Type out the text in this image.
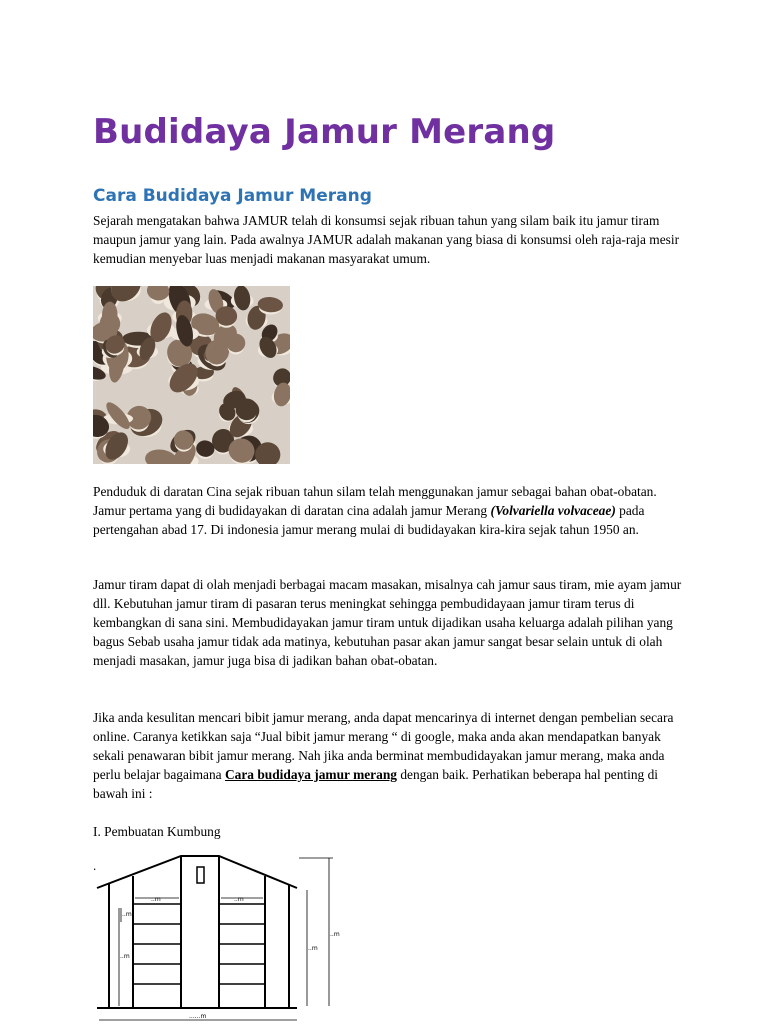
Budidaya Jamur Merang
Cara Budidaya Jamur Merang

Sejarah mengatakan bahwa JAMUR telah di konsumsi sejak ribuan tahun yang silam baik itu jamur tiram maupun jamur yang lain. Pada awalnya JAMUR adalah makanan yang biasa di konsumsi oleh raja-raja mesir kemudian menyebar luas menjadi makanan masyarakat umum.

Penduduk di daratan Cina sejak ribuan tahun silam telah menggunakan jamur sebagai bahan obat-obatan. Jamur pertama yang di budidayakan di daratan cina adalah jamur Merang (Volvariella volvaceae) pada pertengahan abad 17. Di indonesia jamur merang mulai di budidayakan kira-kira sejak tahun 1950 an.

Jamur tiram dapat di olah menjadi berbagai macam masakan, misalnya cah jamur saus tiram, mie ayam jamur dll. Kebutuhan jamur tiram di pasaran terus meningkat sehingga pembudidayaan jamur tiram terus di kembangkan di sana sini. Membudidayakan jamur tiram untuk dijadikan usaha keluarga adalah pilihan yang bagus Sebab usaha jamur tidak ada matinya, kebutuhan pasar akan jamur sangat besar selain untuk di olah menjadi masakan, jamur juga bisa di jadikan bahan obat-obatan.

Jika anda kesulitan mencari bibit jamur merang, anda dapat mencarinya di internet dengan pembelian secara online. Caranya ketikkan saja “Jual bibit jamur merang “ di google, maka anda akan mendapatkan banyak sekali penawaran bibit jamur merang. Nah jika anda berminat membudidayakan jamur merang, maka anda perlu belajar bagaimana Cara budidaya jamur merang dengan baik. Perhatikan beberapa hal penting di bawah ini :

I. Pembuatan Kumbung

.
..m	..m
..m
..m
..m
..m
......m
